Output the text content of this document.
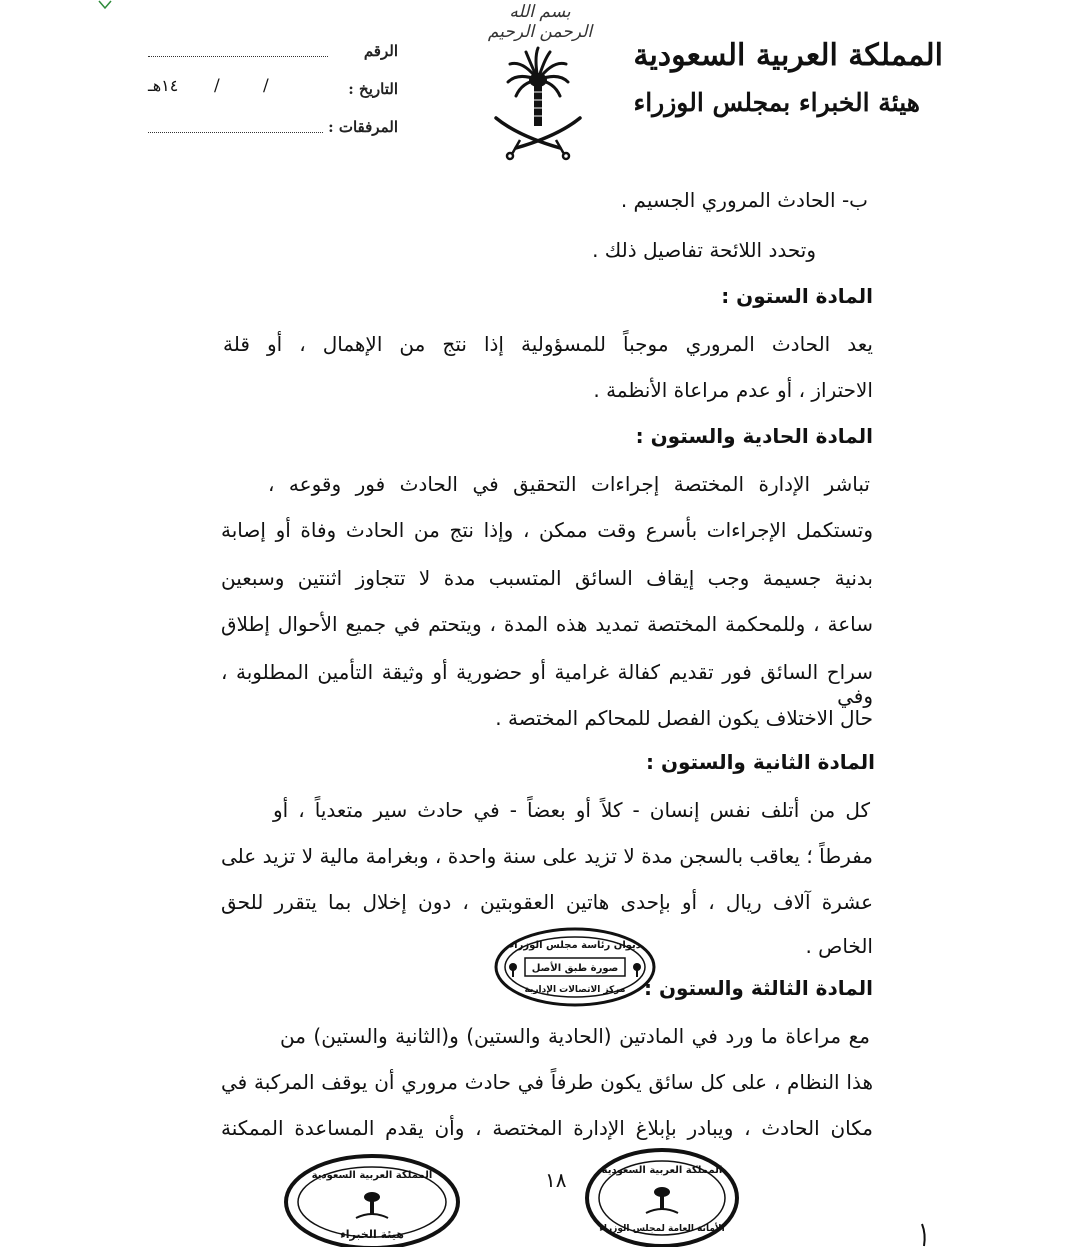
بسم الله الرحمن الرحيم
المملكة العربية السعودية
هيئة الخبراء بمجلس الوزراء
الرقم
التاريخ :
/
/
١٤هـ
المرفقات :
ب- الحادث المروري الجسيم .
وتحدد اللائحة تفاصيل ذلك .
المادة الستون :
يعد الحادث المروري موجباً للمسؤولية إذا نتج من الإهمال ، أو قلة
الاحتراز ، أو عدم مراعاة الأنظمة .
المادة الحادية والستون :
تباشر الإدارة المختصة إجراءات التحقيق في الحادث فور وقوعه ،
وتستكمل الإجراءات بأسرع وقت ممكن ، وإذا نتج من الحادث وفاة أو إصابة
بدنية جسيمة وجب إيقاف السائق المتسبب مدة لا تتجاوز اثنتين وسبعين
ساعة ، وللمحكمة المختصة تمديد هذه المدة ، ويتحتم في جميع الأحوال إطلاق
سراح السائق فور تقديم كفالة غرامية أو حضورية أو وثيقة التأمين المطلوبة ، وفي
حال الاختلاف يكون الفصل للمحاكم المختصة .
المادة الثانية والستون :
كل من أتلف نفس إنسان - كلاً أو بعضاً - في حادث سير متعدياً ، أو
مفرطاً ؛ يعاقب بالسجن مدة لا تزيد على سنة واحدة ، وبغرامة مالية لا تزيد على
عشرة آلاف ريال ، أو بإحدى هاتين العقوبتين ، دون إخلال بما يتقرر للحق
الخاص .
ديوان رئاسة مجلس الوزراء
صورة طبق الأصل
مركز الاتصالات الإدارية المادة الثالثة والستون :
مع مراعاة ما ورد في المادتين (الحادية والستين) و(الثانية والستين) من
هذا النظام ، على كل سائق يكون طرفاً في حادث مروري أن يوقف المركبة في
مكان الحادث ، ويبادر بإبلاغ الإدارة المختصة ، وأن يقدم المساعدة الممكنة
المملكة العربية السعودية
هيئة الخبراء
١٨	المملكة العربية السعودية
الأمانة العامة لمجلس الوزراء
